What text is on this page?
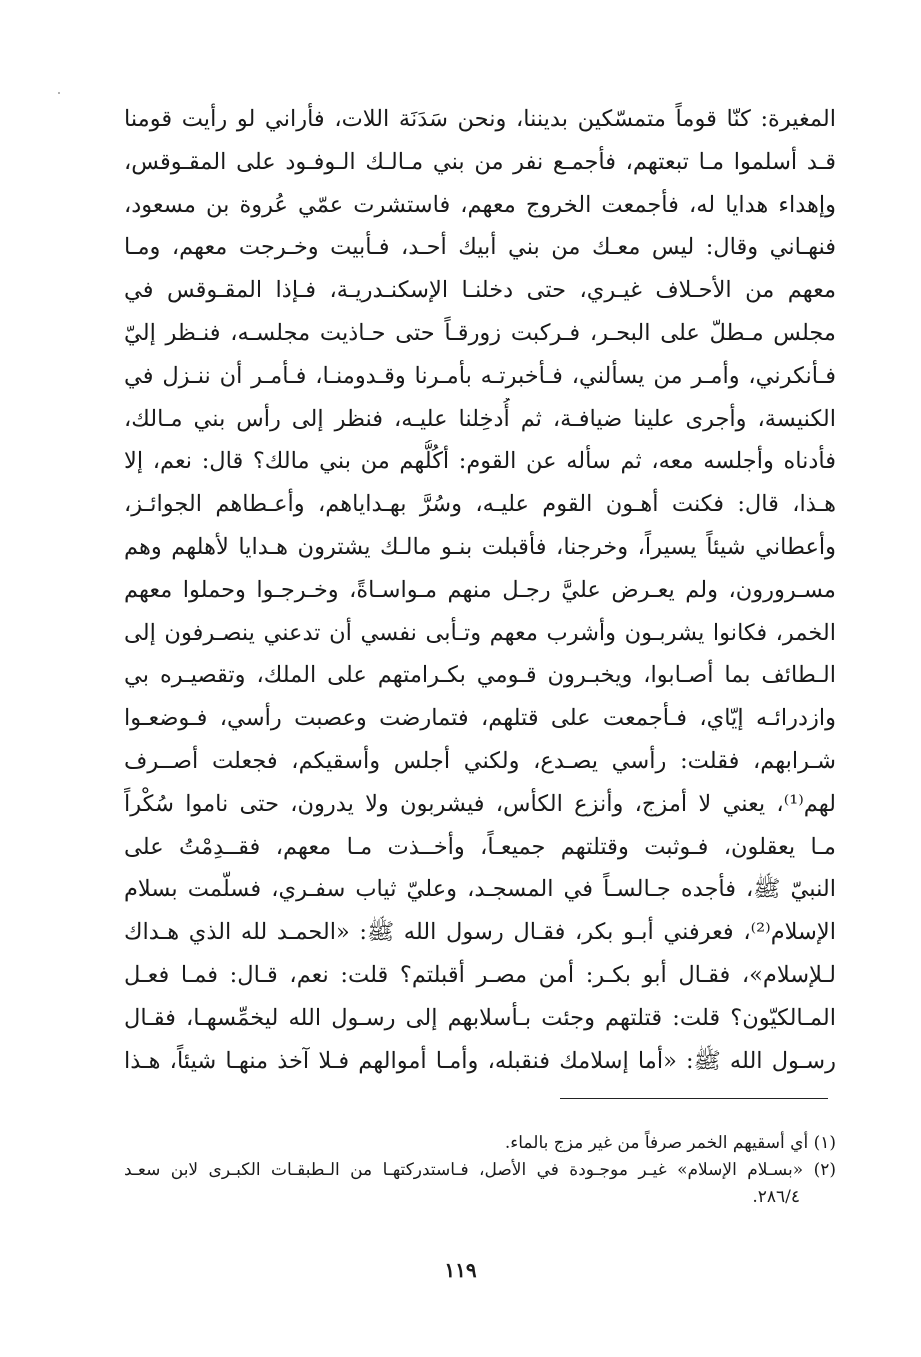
المغيرة: كنّا قوماً متمسّكين بديننا، ونحن سَدَنَة اللات، فأراني لو رأيت قومنا
قـد أسلموا مـا تبعتهم، فأجمـع نفر من بني مـالـك الـوفـود على المقـوقس،
وإهداء هدايا له، فأجمعت الخروج معهم، فاستشرت عمّي عُروة بن مسعود،
فنهـاني وقال: ليس معـك من بني أبيك أحـد، فـأبيت وخـرجت معهم، ومـا
معهم من الأحـلاف غيـري، حتى دخلنـا الإسكنـدريـة، فـإذا المقـوقس في
مجلس مـطلّ على البحـر، فـركبت زورقـاً حتى حـاذيت مجلسـه، فنـظر إليّ
فـأنكرني، وأمـر من يسألني، فـأخبرتـه بأمـرنا وقـدومنـا، فـأمـر أن ننـزل في
الكنيسة، وأجرى علينا ضيافـة، ثم أُدخِلنا عليـه، فنظر إلى رأس بني مـالك،
فأدناه وأجلسه معه، ثم سأله عن القوم: أكُلُّهم من بني مالك؟ قال: نعم، إلا
هـذا، قال: فكنت أهـون القوم عليـه، وسُرَّ بهـداياهم، وأعـطاهم الجوائـز،
وأعطاني شيئاً يسيراً، وخرجنا، فأقبلت بنـو مالـك يشترون هـدايا لأهلهم وهم
مسـرورون، ولم يعـرض عليَّ رجـل منهم مـواسـاةً، وخـرجـوا وحملوا معهم
الخمر، فكانوا يشربـون وأشرب معهم وتـأبى نفسي أن تدعني ينصـرفون إلى
الـطائف بما أصـابوا، ويخبـرون قـومي بكـرامتهم على الملك، وتقصيـره بي
وازدرائـه إيّاي، فـأجمعت على قتلهم، فتمارضت وعصبت رأسي، فـوضعـوا
شـرابهم، فقلت: رأسي يصـدع، ولكني أجلس وأسقيكم، فجعلت أصــرف
لهم⁽¹⁾، يعني لا أمزج، وأنزع الكأس، فيشربون ولا يدرون، حتى ناموا سُكْراً
مـا يعقلون، فـوثبت وقتلتهم جميعـاً، وأخــذت مـا معهم، فقــدِمْتُ على
النبيّ ﷺ، فأجده جـالسـاً في المسجـد، وعليّ ثياب سفـري، فسلّمت بسلام
الإسلام⁽²⁾، فعرفني أبـو بكر، فقـال رسول الله ﷺ: «الحمـد لله الذي هـداك
لـلإسلام»، فقـال أبو بكـر: أمن مصـر أقبلتم؟ قلت: نعم، قـال: فمـا فعـل
المـالكيّون؟ قلت: قتلتهم وجئت بـأسلابهم إلى رسـول الله ليخمِّسهـا، فقـال
رسـول الله ﷺ: «أما إسلامك فنقبله، وأمـا أموالهم فـلا آخذ منهـا شيئاً، هـذا
(١) أي أسقيهم الخمر صرفاً من غير مزج بالماء.
(٢) «بسـلام الإسلام» غيـر موجـودة في الأصل، فـاستدركتهـا من الـطبقـات الكبـرى لابن سعـد
٢٨٦/٤.
١١٩
